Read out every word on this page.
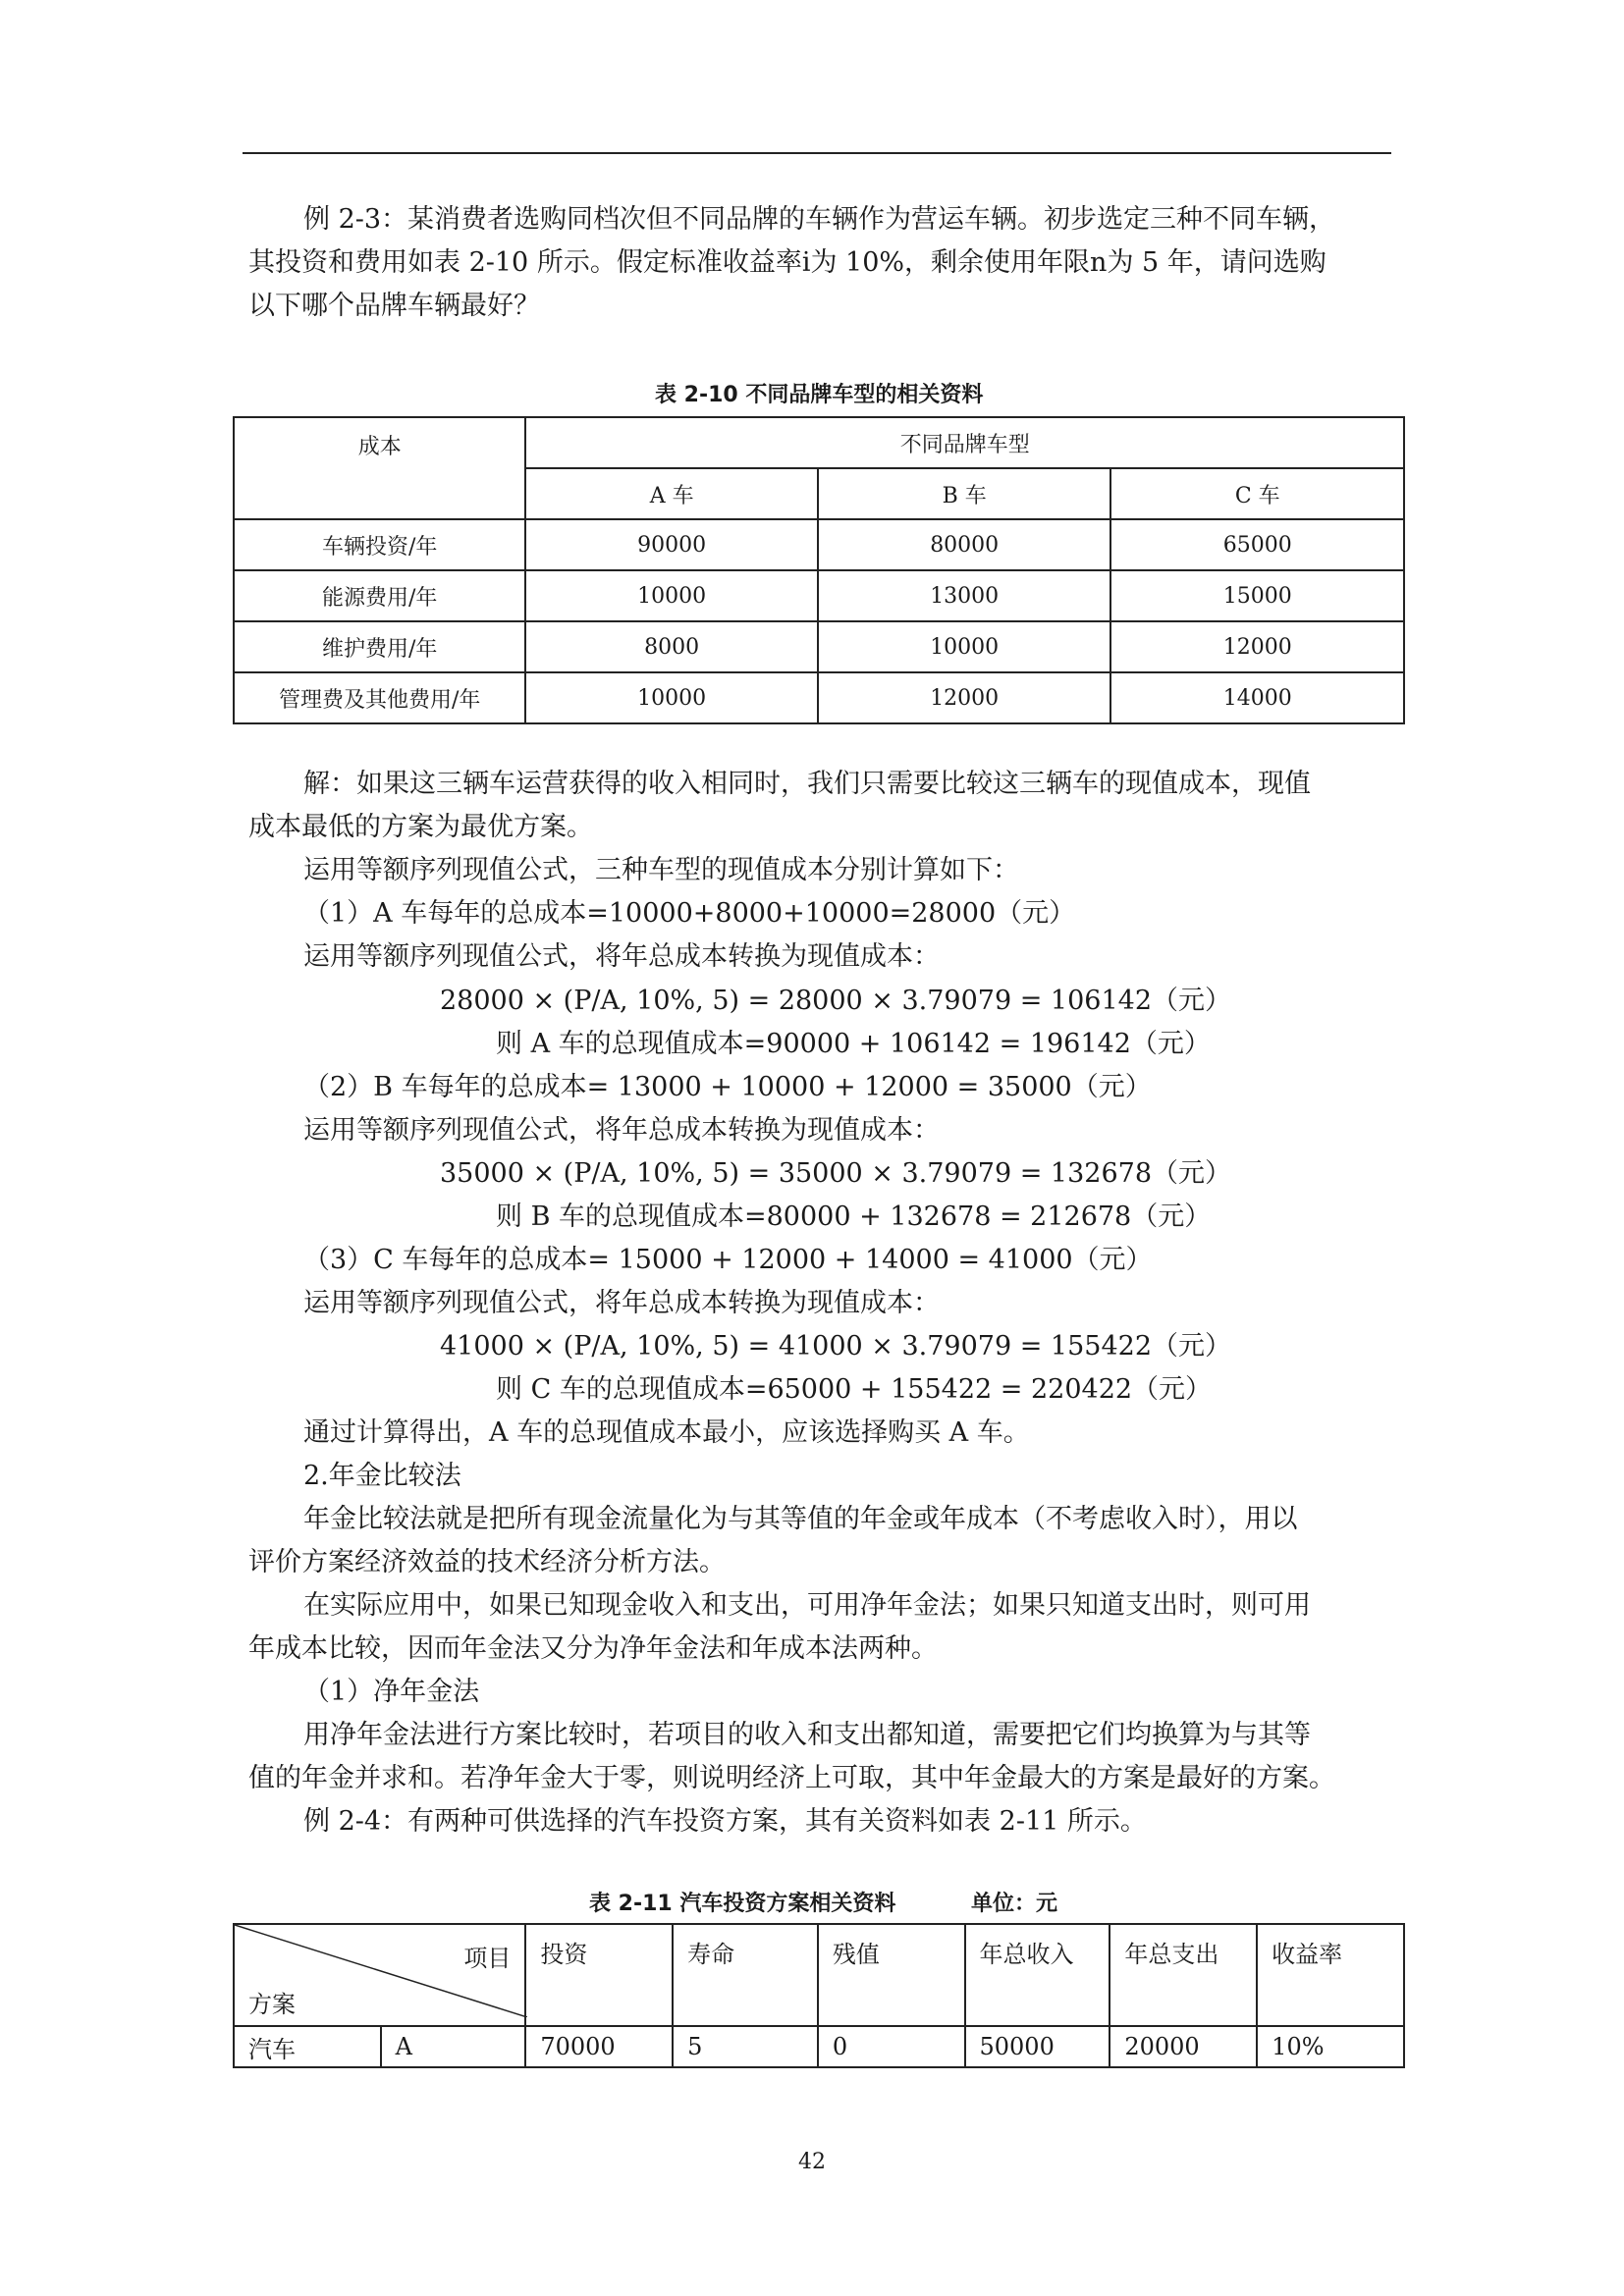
例 2-3：某消费者选购同档次但不同品牌的车辆作为营运车辆。初步选定三种不同车辆，
其投资和费用如表 2-10 所示。假定标准收益率i为 10%，剩余使用年限n为 5 年，请问选购
以下哪个品牌车辆最好？
表 2-10 不同品牌车型的相关资料
成本	不同品牌车型		
	A 车	B 车	C 车
车辆投资/年	90000	80000	65000
能源费用/年	10000	13000	15000
维护费用/年	8000	10000	12000
管理费及其他费用/年	10000	12000	14000
解：如果这三辆车运营获得的收入相同时，我们只需要比较这三辆车的现值成本，现值
成本最低的方案为最优方案。
运用等额序列现值公式，三种车型的现值成本分别计算如下：
（1）A 车每年的总成本=10000+8000+10000=28000（元）
运用等额序列现值公式，将年总成本转换为现值成本：
28000 × (P/A, 10%, 5) = 28000 × 3.79079 = 106142（元）
则 A 车的总现值成本=90000 + 106142 = 196142（元）
（2）B 车每年的总成本= 13000 + 10000 + 12000 = 35000（元）
运用等额序列现值公式，将年总成本转换为现值成本：
35000 × (P/A, 10%, 5) = 35000 × 3.79079 = 132678（元）
则 B 车的总现值成本=80000 + 132678 = 212678（元）
（3）C 车每年的总成本= 15000 + 12000 + 14000 = 41000（元）
运用等额序列现值公式，将年总成本转换为现值成本：
41000 × (P/A, 10%, 5) = 41000 × 3.79079 = 155422（元）
则 C 车的总现值成本=65000 + 155422 = 220422（元）
通过计算得出，A 车的总现值成本最小，应该选择购买 A 车。
2.年金比较法
年金比较法就是把所有现金流量化为与其等值的年金或年成本（不考虑收入时），用以
评价方案经济效益的技术经济分析方法。
在实际应用中，如果已知现金收入和支出，可用净年金法；如果只知道支出时，则可用
年成本比较，因而年金法又分为净年金法和年成本法两种。
（1）净年金法
用净年金法进行方案比较时，若项目的收入和支出都知道，需要把它们均换算为与其等
值的年金并求和。若净年金大于零，则说明经济上可取，其中年金最大的方案是最好的方案。
例 2-4：有两种可供选择的汽车投资方案，其有关资料如表 2-11 所示。
表 2-11 汽车投资方案相关资料          单位：元
项目
方案		投资	寿命	残值	年总收入	年总支出	收益率
汽车	A	70000	5	0	50000	20000	10%
42
